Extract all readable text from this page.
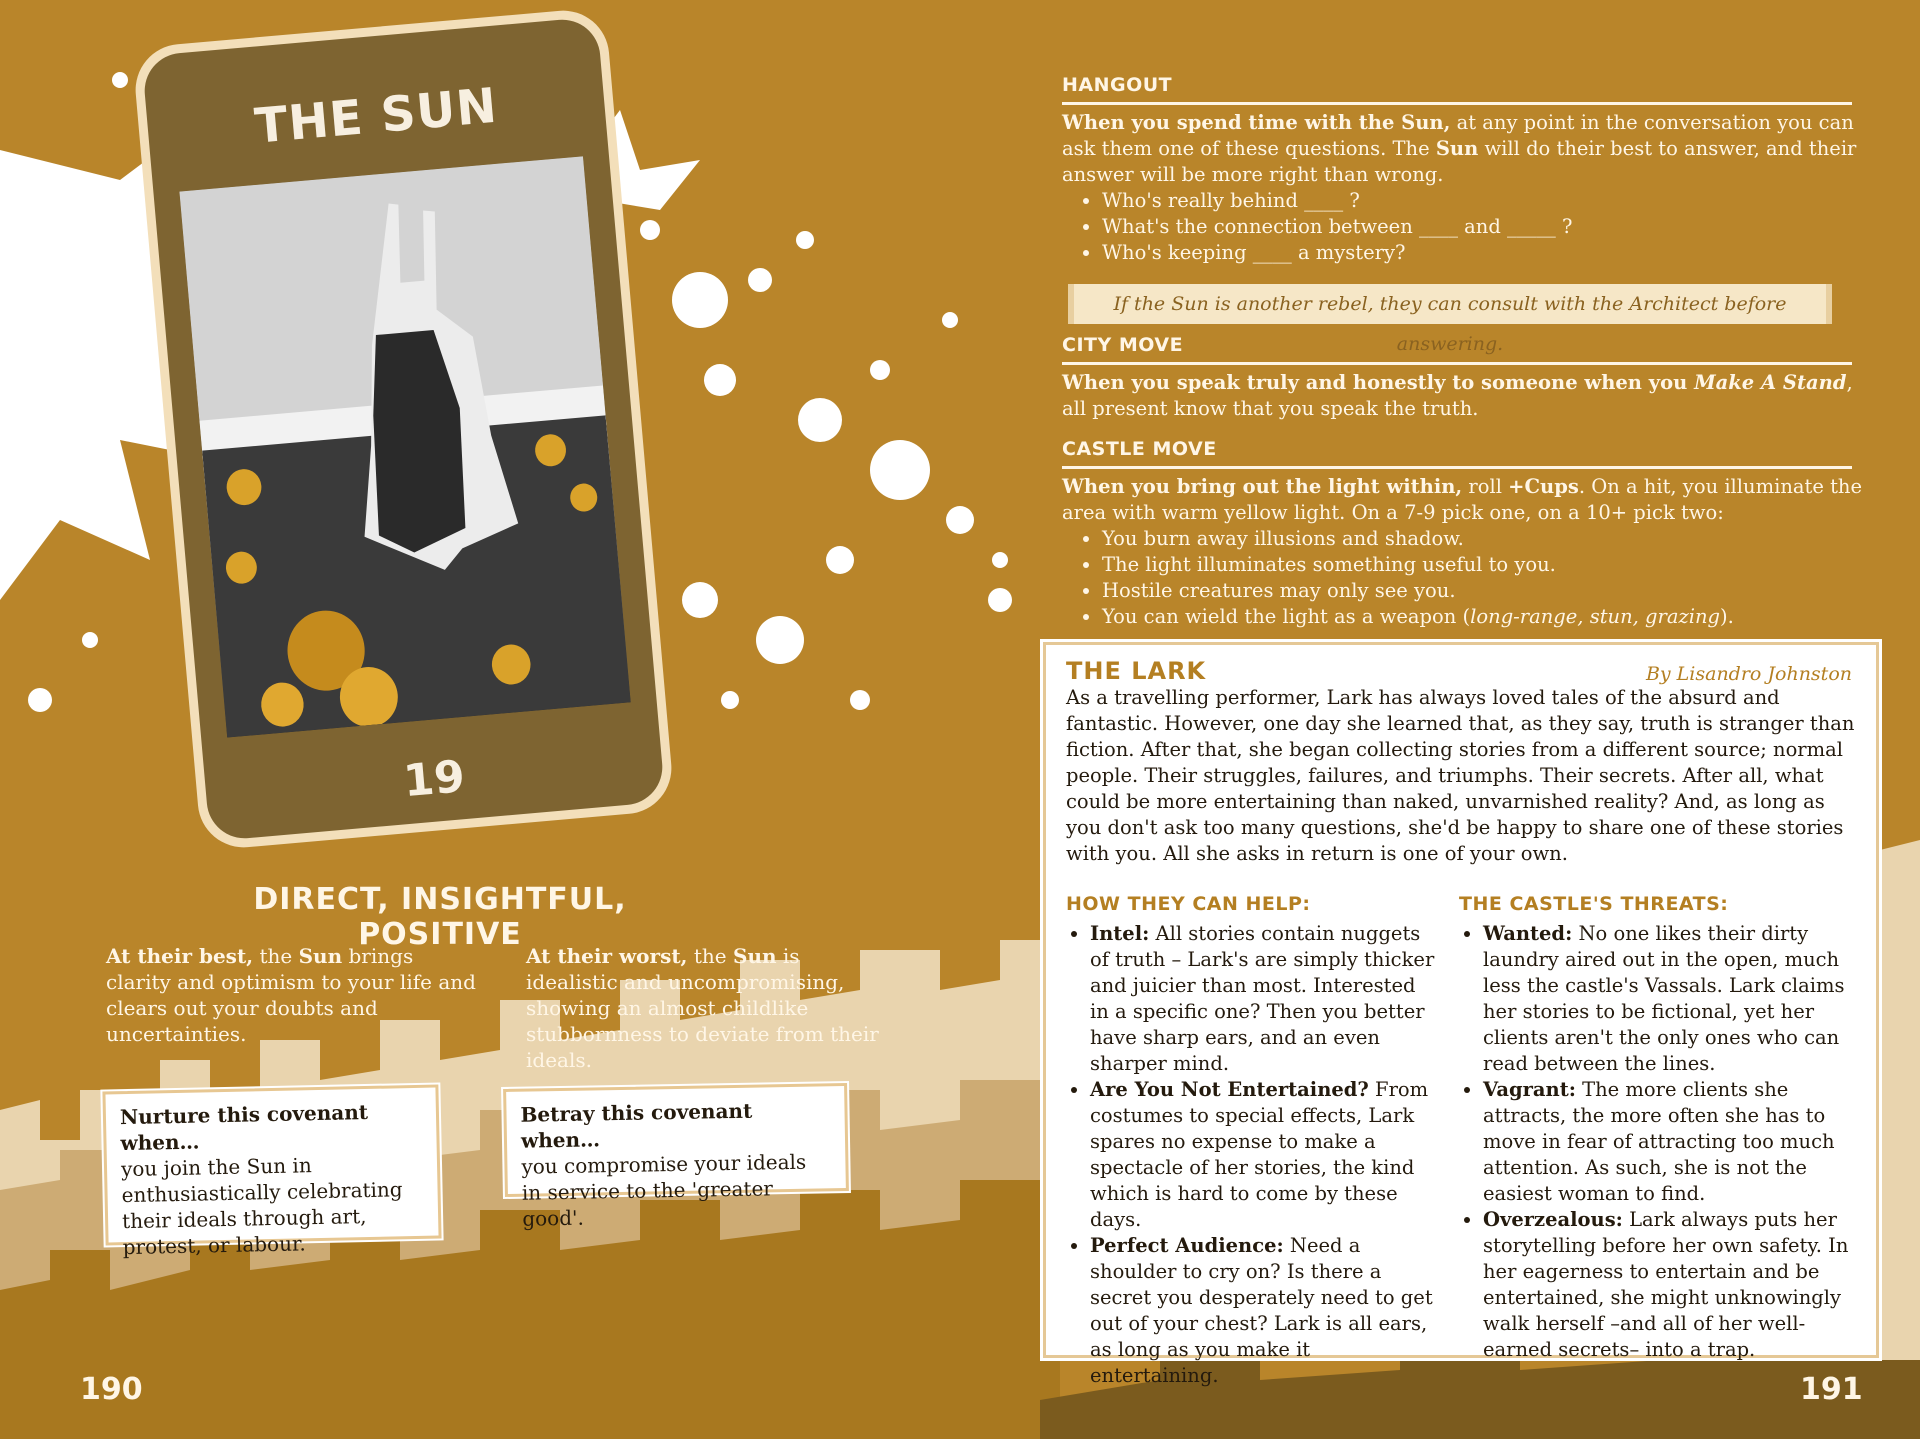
THE SUN
19
DIRECT, INSIGHTFUL, POSITIVE
At their best, the Sun brings clarity and optimism to your life and clears out your doubts and uncertainties.
At their worst, the Sun is idealistic and uncompromising, showing an almost childlike stubbornness to deviate from their ideals.
Nurture this covenant when…
you join the Sun in enthusiastically celebrating their ideals through art, protest, or labour.
Betray this covenant when…
you compromise your ideals in service to the 'greater good'.
190
HANGOUT
When you spend time with the Sun, at any point in the conversation you can ask them one of these questions. The Sun will do their best to answer, and their answer will be more right than wrong.
• Who's really behind ____ ?
• What's the connection between ____ and _____ ?
• Who's keeping ____ a mystery?
If the Sun is another rebel, they can consult with the Architect before answering.
CITY MOVE
When you speak truly and honestly to someone when you Make A Stand, all present know that you speak the truth.
CASTLE MOVE
When you bring out the light within, roll +Cups. On a hit, you illuminate the area with warm yellow light. On a 7-9 pick one, on a 10+ pick two:
• You burn away illusions and shadow.
• The light illuminates something useful to you.
• Hostile creatures may only see you.
• You can wield the light as a weapon (long-range, stun, grazing).
THE LARK	By Lisandro Johnston
As a travelling performer, Lark has always loved tales of the absurd and fantastic. However, one day she learned that, as they say, truth is stranger than fiction. After that, she began collecting stories from a different source; normal people. Their struggles, failures, and triumphs. Their secrets. After all, what could be more entertaining than naked, unvarnished reality? And, as long as you don't ask too many questions, she'd be happy to share one of these stories with you. All she asks in return is one of your own.
HOW THEY CAN HELP:
• Intel: All stories contain nuggets of truth – Lark's are simply thicker and juicier than most. Interested in a specific one? Then you better have sharp ears, and an even sharper mind.
• Are You Not Entertained? From costumes to special effects, Lark spares no expense to make a spectacle of her stories, the kind which is hard to come by these days.
• Perfect Audience: Need a shoulder to cry on? Is there a secret you desperately need to get out of your chest? Lark is all ears, as long as you make it entertaining.
THE CASTLE'S THREATS:
• Wanted: No one likes their dirty laundry aired out in the open, much less the castle's Vassals. Lark claims her stories to be fictional, yet her clients aren't the only ones who can read between the lines.
• Vagrant: The more clients she attracts, the more often she has to move in fear of attracting too much attention. As such, she is not the easiest woman to find.
• Overzealous: Lark always puts her storytelling before her own safety. In her eagerness to entertain and be entertained, she might unknowingly walk herself –and all of her well-earned secrets– into a trap.
191
